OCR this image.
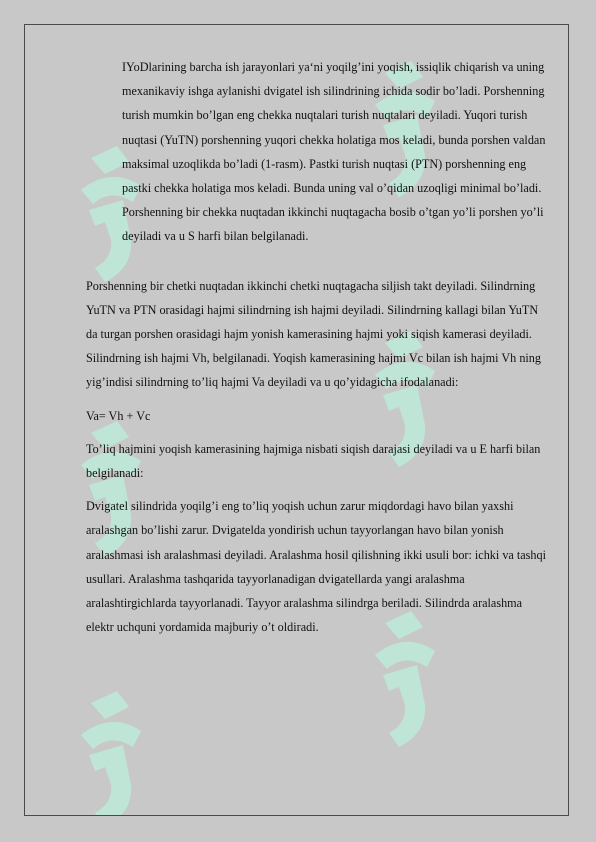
IYoDlarining barcha ish jarayonlari ya‘ni yoqilg’ini yoqish, issiqlik chiqarish va uning mexanikaviy ishga aylanishi dvigatel ish silindrining ichida sodir bo’ladi. Porshenning turish mumkin bo’lgan eng chekka nuqtalari turish nuqtalari deyiladi. Yuqori turish nuqtasi (YuTN) porshenning yuqori chekka holatiga mos keladi, bunda porshen valdan maksimal uzoqlikda bo’ladi (1-rasm). Pastki turish nuqtasi (PTN) porshenning eng pastki chekka holatiga mos keladi. Bunda uning val o’qidan uzoqligi minimal bo’ladi. Porshenning bir chekka nuqtadan ikkinchi nuqtagacha bosib o’tgan yo’li porshen yo’li deyiladi va u S harfi bilan belgilanadi.

Porshenning bir chetki nuqtadan ikkinchi chetki nuqtagacha siljish takt deyiladi. Silindrning YuTN va PTN orasidagi hajmi silindrning ish hajmi deyiladi. Silindrning kallagi bilan YuTN da turgan porshen orasidagi hajm yonish kamerasining hajmi yoki siqish kamerasi deyiladi. Silindrning ish hajmi Vh, belgilanadi. Yoqish kamerasining hajmi Vc bilan ish hajmi Vh ning yig’indisi silindrning to’liq hajmi Va deyiladi va u qo’yidagicha ifodalanadi:

Va= Vh + Vc

To’liq hajmini yoqish kamerasining hajmiga nisbati siqish darajasi deyiladi va u E harfi bilan belgilanadi:

Dvigatel silindrida yoqilg’i eng to’liq yoqish uchun zarur miqdordagi havo bilan yaxshi aralashgan bo’lishi zarur. Dvigatelda yondirish uchun tayyorlangan havo bilan yonish aralashmasi ish aralashmasi deyiladi. Aralashma hosil qilishning ikki usuli bor: ichki va tashqi usullari. Aralashma tashqarida tayyorlanadigan dvigatellarda yangi aralashma aralashtirgichlarda tayyorlanadi. Tayyor aralashma silindrga beriladi. Silindrda aralashma elektr uchquni yordamida majburiy o’t oldiradi.
